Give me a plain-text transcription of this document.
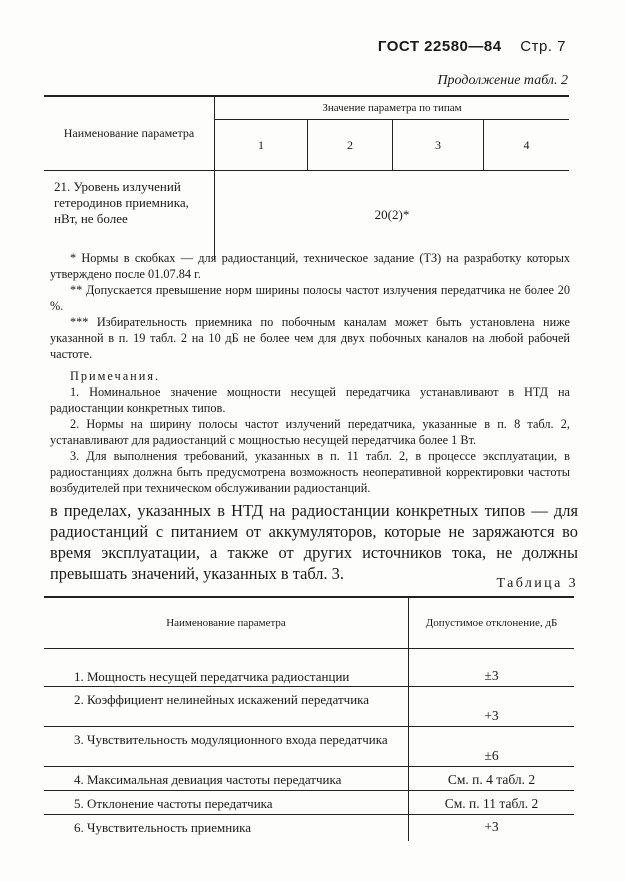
ГОСТ 22580—84 Стр. 7
Продолжение табл. 2
Наименование параметра	Значение параметра по типам			
	1	2	3	4
21. Уровень излучений гетеродинов приемника, нВт, не более	20(2)*			

* Нормы в скобках — для радиостанций, техническое задание (ТЗ) на разработку которых утверждено после 01.07.84 г.

** Допускается превышение норм ширины полосы частот излучения передатчика не более 20 %.

*** Избирательность приемника по побочным каналам может быть установлена ниже указанной в п. 19 табл. 2 на 10 дБ не более чем для двух побочных каналов на любой рабочей частоте.

Примечания.

1. Номинальное значение мощности несущей передатчика устанавливают в НТД на радиостанции конкретных типов.

2. Нормы на ширину полосы частот излучений передатчика, указанные в п. 8 табл. 2, устанавливают для радиостанций с мощностью несущей передатчика более 1 Вт.

3. Для выполнения требований, указанных в п. 11 табл. 2, в процессе эксплуатации, в радиостанциях должна быть предусмотрена возможность неоперативной корректировки частоты возбудителей при техническом обслуживании радиостанций.

в пределах, указанных в НТД на радиостанции конкретных типов — для радиостанций с питанием от аккумуляторов, которые не заряжаются во время эксплуатации, а также от других источников тока, не должны превышать значений, указанных в табл. 3.

Таблица 3
Наименование параметра	Допустимое отклонение, дБ
1. Мощность несущей передатчика радиостанции	±3
2. Коэффициент нелинейных искажений передатчика	+3
3. Чувствительность модуляционного входа передатчика	±6
4. Максимальная девиация частоты передатчика	См. п. 4 табл. 2
5. Отклонение частоты передатчика	См. п. 11 табл. 2
6. Чувствительность приемника	+3
